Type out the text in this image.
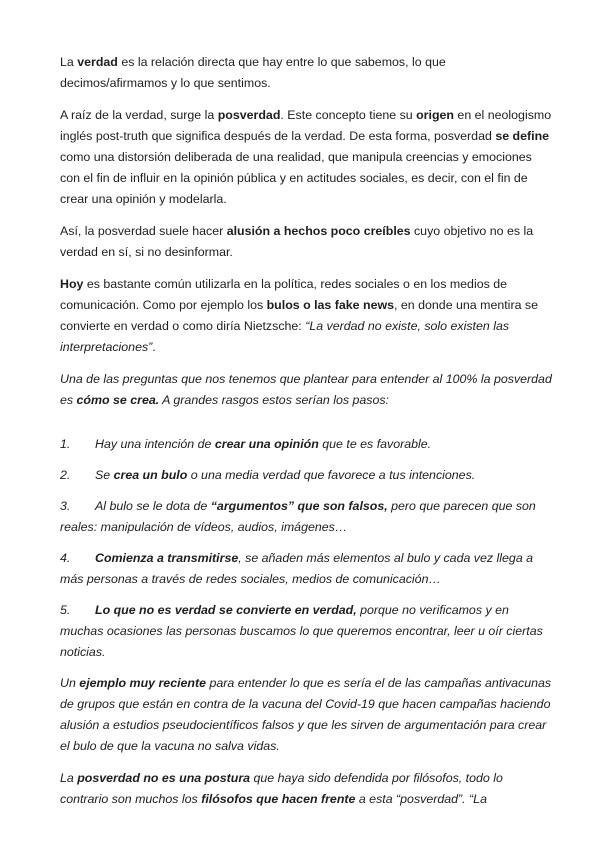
La verdad es la relación directa que hay entre lo que sabemos, lo que decimos/afirmamos y lo que sentimos.

A raíz de la verdad, surge la posverdad. Este concepto tiene su origen en el neologismo inglés post-truth que significa después de la verdad. De esta forma, posverdad se define como una distorsión deliberada de una realidad, que manipula creencias y emociones con el fin de influir en la opinión pública y en actitudes sociales, es decir, con el fin de crear una opinión y modelarla.

Así, la posverdad suele hacer alusión a hechos poco creíbles cuyo objetivo no es la verdad en sí, si no desinformar.

Hoy es bastante común utilizarla en la política, redes sociales o en los medios de comunicación. Como por ejemplo los bulos o las fake news, en donde una mentira se convierte en verdad o como diría Nietzsche: “La verdad no existe, solo existen las interpretaciones”.

Una de las preguntas que nos tenemos que plantear para entender al 100% la posverdad es cómo se crea. A grandes rasgos estos serían los pasos:

1. Hay una intención de crear una opinión que te es favorable.

2. Se crea un bulo o una media verdad que favorece a tus intenciones.

3. Al bulo se le dota de “argumentos” que son falsos, pero que parecen que son reales: manipulación de vídeos, audios, imágenes…

4. Comienza a transmitirse, se añaden más elementos al bulo y cada vez llega a más personas a través de redes sociales, medios de comunicación…

5. Lo que no es verdad se convierte en verdad, porque no verificamos y en muchas ocasiones las personas buscamos lo que queremos encontrar, leer u oír ciertas noticias.

Un ejemplo muy reciente para entender lo que es sería el de las campañas antivacunas de grupos que están en contra de la vacuna del Covid-19 que hacen campañas haciendo alusión a estudios pseudocientíficos falsos y que les sirven de argumentación para crear el bulo de que la vacuna no salva vidas.

La posverdad no es una postura que haya sido defendida por filósofos, todo lo contrario son muchos los filósofos que hacen frente a esta “posverdad”. “La
